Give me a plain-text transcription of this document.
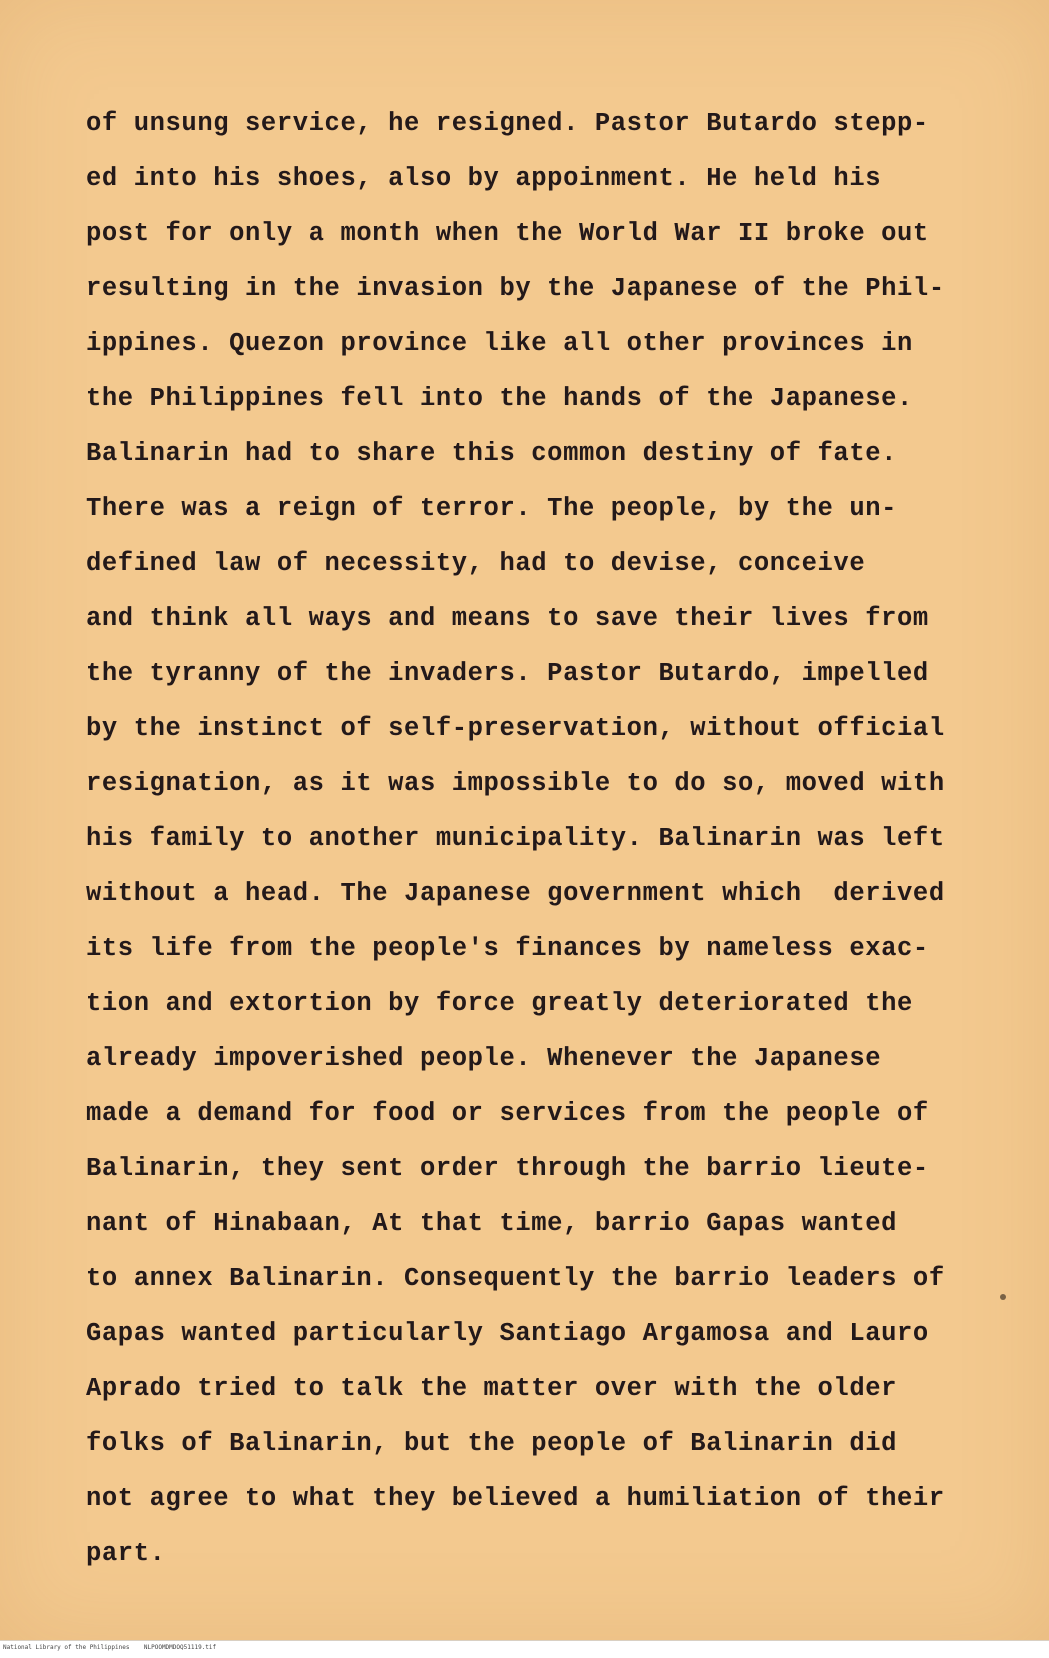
of unsung service, he resigned. Pastor Butardo stepp-
ed into his shoes, also by appoinment. He held his
post for only a month when the World War II broke out
resulting in the invasion by the Japanese of the Phil-
ippines. Quezon province like all other provinces in
the Philippines fell into the hands of the Japanese.
Balinarin had to share this common destiny of fate.
There was a reign of terror. The people, by the un-
defined law of necessity, had to devise, conceive
and think all ways and means to save their lives from
the tyranny of the invaders. Pastor Butardo, impelled
by the instinct of self-preservation, without official
resignation, as it was impossible to do so, moved with
his family to another municipality. Balinarin was left
without a head. The Japanese government which  derived
its life from the people's finances by nameless exac-
tion and extortion by force greatly deteriorated the
already impoverished people. Whenever the Japanese
made a demand for food or services from the people of
Balinarin, they sent order through the barrio lieute-
nant of Hinabaan, At that time, barrio Gapas wanted
to annex Balinarin. Consequently the barrio leaders of
Gapas wanted particularly Santiago Argamosa and Lauro
Aprado tried to talk the matter over with the older
folks of Balinarin, but the people of Balinarin did
not agree to what they believed a humiliation of their
part.
National Library of the Philippines    NLPOOMDMDOQ51119.tif
